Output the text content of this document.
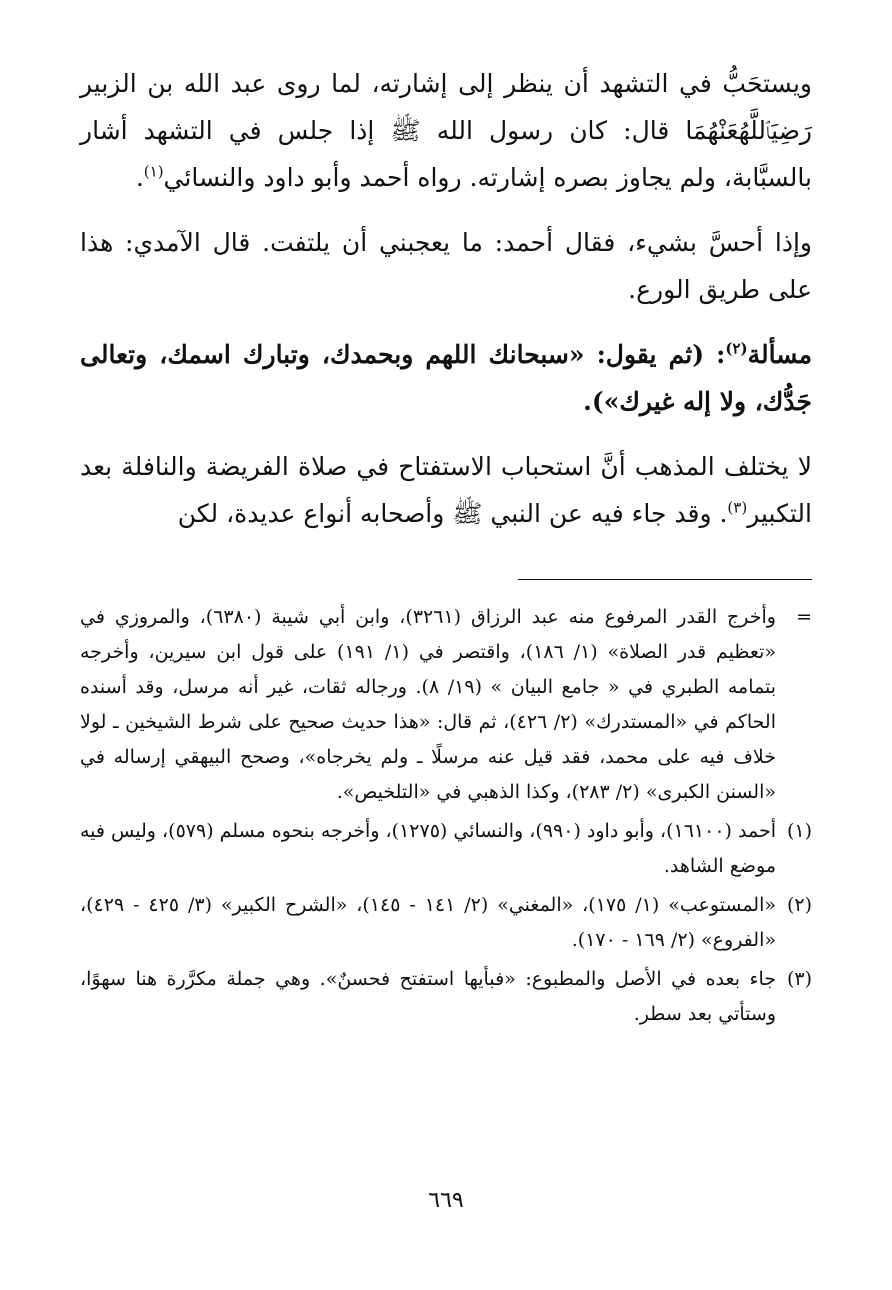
ويستحَبُّ في التشهد أن ينظر إلى إشارته، لما روى عبد الله بن الزبير رَضِيَٱللَّهُعَنْهُمَا قال: كان رسول الله ﷺ إذا جلس في التشهد أشار بالسبَّابة، ولم يجاوز بصره إشارته. رواه أحمد وأبو داود والنسائي$^{(١)}$.

وإذا أحسَّ بشيء، فقال أحمد: ما يعجبني أن يلتفت. قال الآمدي: هذا على طريق الورع.

مسألة$^{(٢)}$: (ثم يقول: «سبحانك اللهم وبحمدك، وتبارك اسمك، وتعالى جَدُّك، ولا إله غيرك»).

لا يختلف المذهب أنَّ استحباب الاستفتاح في صلاة الفريضة والنافلة بعد التكبير$^{(٣)}$. وقد جاء فيه عن النبي ﷺ وأصحابه أنواع عديدة، لكن

=
وأخرج القدر المرفوع منه عبد الرزاق (٣٢٦١)، وابن أبي شيبة (٦٣٨٠)، والمروزي في «تعظيم قدر الصلاة» (١/ ١٨٦)، واقتصر في (١/ ١٩١) على قول ابن سيرين، وأخرجه بتمامه الطبري في « جامع البيان » (١٩/ ٨). ورجاله ثقات، غير أنه مرسل، وقد أسنده الحاكم في «المستدرك» (٢/ ٤٢٦)، ثم قال: «هذا حديث صحيح على شرط الشيخين ـ لولا خلاف فيه على محمد، فقد قيل عنه مرسلًا ـ ولم يخرجاه»، وصحح البيهقي إرساله في «السنن الكبرى» (٢/ ٢٨٣)، وكذا الذهبي في «التلخيص».
(١)
أحمد (١٦١٠٠)، وأبو داود (٩٩٠)، والنسائي (١٢٧٥)، وأخرجه بنحوه مسلم (٥٧٩)، وليس فيه موضع الشاهد.
(٢)
«المستوعب» (١/ ١٧٥)، «المغني» (٢/ ١٤١ - ١٤٥)، «الشرح الكبير» (٣/ ٤٢٥ - ٤٢٩)، «الفروع» (٢/ ١٦٩ - ١٧٠).
(٣)
جاء بعده في الأصل والمطبوع: «فبأيها استفتح فحسنٌ». وهي جملة مكرَّرة هنا سهوًا، وستأتي بعد سطر.
٦٦٩
